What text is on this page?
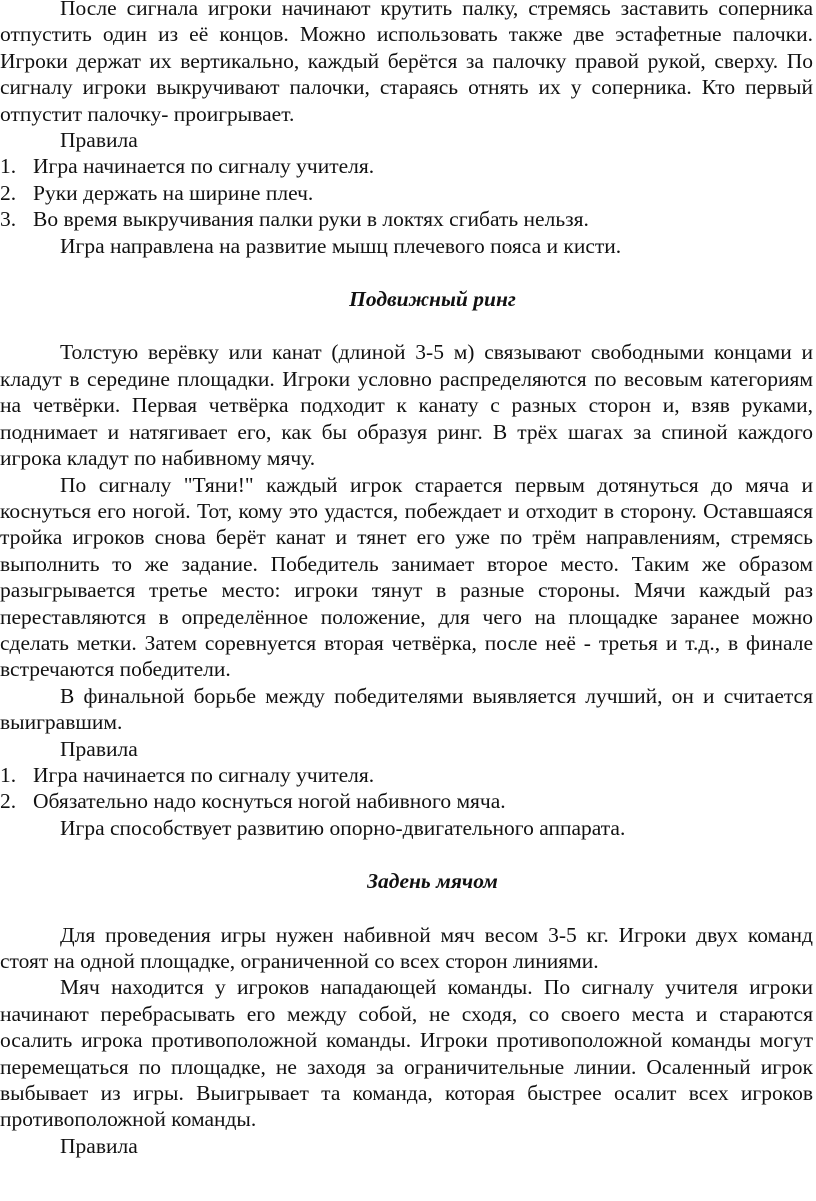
После сигнала игроки начинают крутить палку, стремясь заставить соперника отпустить один из её концов. Можно использовать также две эстафетные палочки. Игроки держат их вертикально, каждый берётся за палочку правой рукой, сверху. По сигналу игроки выкручивают палочки, стараясь отнять их у соперника. Кто первый отпустит палочку- проигрывает.

Правила

1. Игра начинается по сигналу учителя.
2. Руки держать на ширине плеч.
3. Во время выкручивания палки руки в локтях сгибать нельзя.

Игра направлена на развитие мышц плечевого пояса и кисти.

Подвижный ринг

Толстую верёвку или канат (длиной 3-5 м) связывают свободными концами и кладут в середине площадки. Игроки условно распределяются по весовым категориям на четвёрки. Первая четвёрка подходит к канату с разных сторон и, взяв руками, поднимает и натягивает его, как бы образуя ринг. В трёх шагах за спиной каждого игрока кладут по набивному мячу.

По сигналу "Тяни!" каждый игрок старается первым дотянуться до мяча и коснуться его ногой. Тот, кому это удастся, побеждает и отходит в сторону. Оставшаяся тройка игроков снова берёт канат и тянет его уже по трём направлениям, стремясь выполнить то же задание. Победитель занимает второе место. Таким же образом разыгрывается третье место: игроки тянут в разные стороны. Мячи каждый раз переставляются в определённое положение, для чего на площадке заранее можно сделать метки. Затем соревнуется вторая четвёрка, после неё - третья и т.д., в финале встречаются победители.

В финальной борьбе между победителями выявляется лучший, он и считается выигравшим.

Правила

1. Игра начинается по сигналу учителя.
2. Обязательно надо коснуться ногой набивного мяча.

Игра способствует развитию опорно-двигательного аппарата.

Задень мячом

Для проведения игры нужен набивной мяч весом 3-5 кг. Игроки двух команд стоят на одной площадке, ограниченной со всех сторон линиями.

Мяч находится у игроков нападающей команды. По сигналу учителя игроки начинают перебрасывать его между собой, не сходя, со своего места и стараются осалить игрока противоположной команды. Игроки противоположной команды могут перемещаться по площадке, не заходя за ограничительные линии. Осаленный игрок выбывает из игры. Выигрывает та команда, которая быстрее осалит всех игроков противоположной команды.

Правила
